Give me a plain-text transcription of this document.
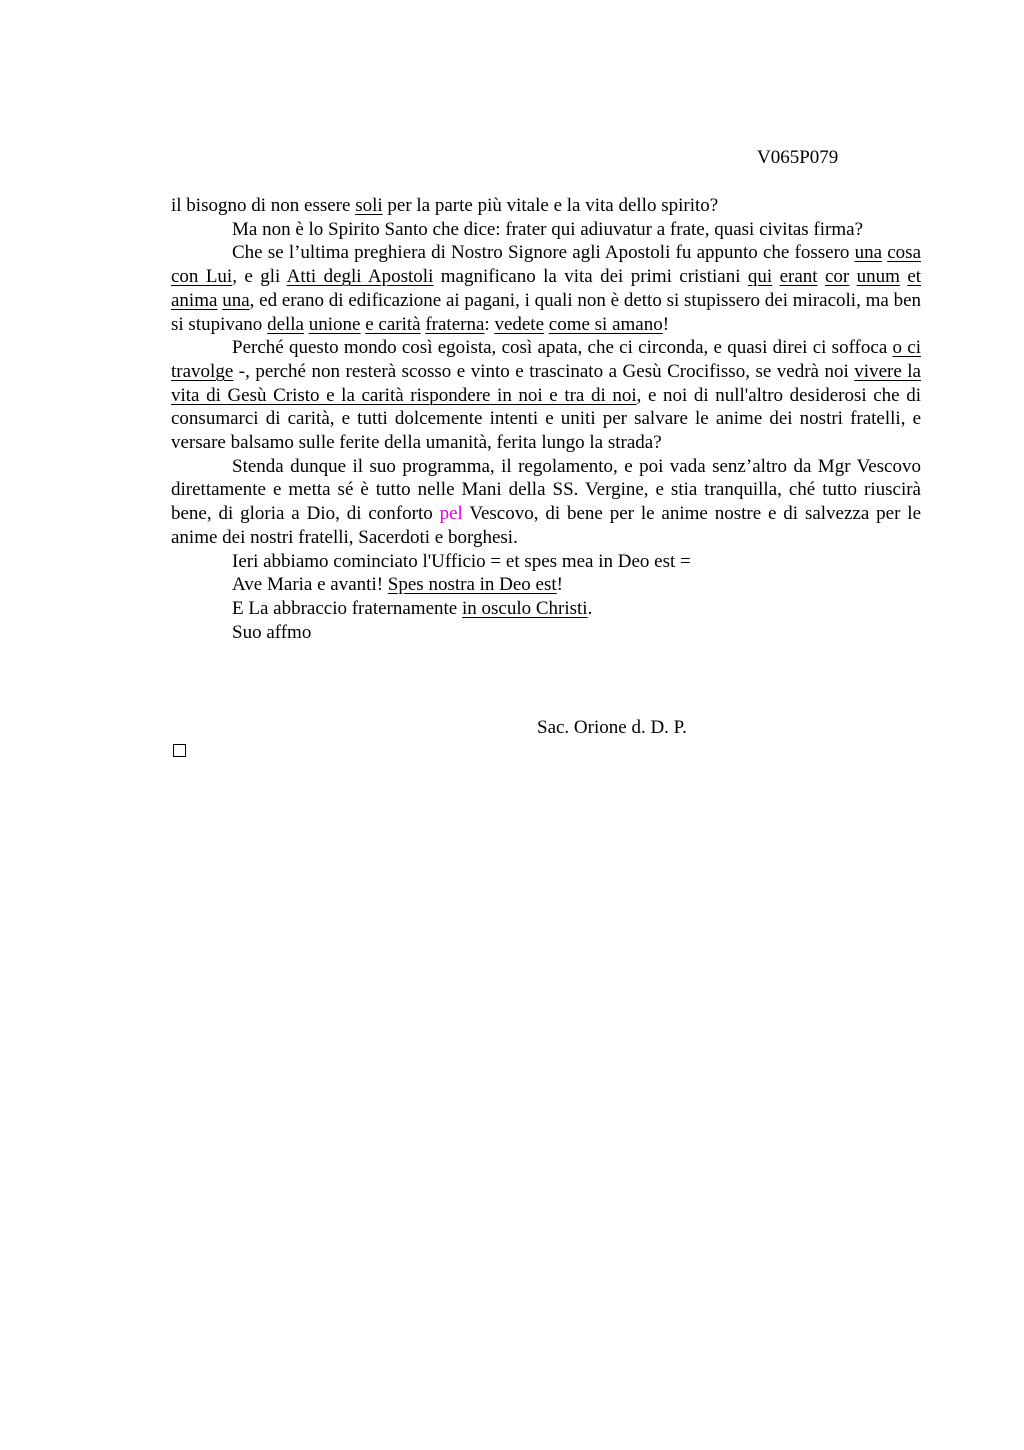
V065P079

il bisogno di non essere soli per la parte più vitale e la vita dello spirito?

Ma non è lo Spirito Santo che dice: frater qui adiuvatur a frate, quasi civitas firma?

Che se l’ultima preghiera di Nostro Signore agli Apostoli fu appunto che fossero una cosa con Lui, e gli Atti degli Apostoli magnificano la vita dei primi cristiani qui erant cor unum et anima una, ed erano di edificazione ai pagani, i quali non è detto si stupissero dei miracoli, ma ben si stupivano della unione e carità fraterna: vedete come si amano!

Perché questo mondo così egoista, così apata, che ci circonda, e quasi direi ci soffoca o ci travolge -, perché non resterà scosso e vinto e trascinato a Gesù Crocifisso, se vedrà noi vivere la vita di Gesù Cristo e la carità rispondere in noi e tra di noi, e noi di null'altro desiderosi che di consumarci di carità, e tutti dolcemente intenti e uniti per salvare le anime dei nostri fratelli, e versare balsamo sulle ferite della umanità, ferita lungo la strada?

Stenda dunque il suo programma, il regolamento, e poi vada senz’altro da Mgr Vescovo direttamente e metta sé è tutto nelle Mani della SS. Vergine, e stia tranquilla, ché tutto riuscirà bene, di gloria a Dio, di conforto pel Vescovo, di bene per le anime nostre e di salvezza per le anime dei nostri fratelli, Sacerdoti e borghesi.

Ieri abbiamo cominciato l'Ufficio = et spes mea in Deo est =

Ave Maria e avanti! Spes nostra in Deo est!

E La abbraccio fraternamente in osculo Christi.

Suo affmo

Sac. Orione d. D. P.
